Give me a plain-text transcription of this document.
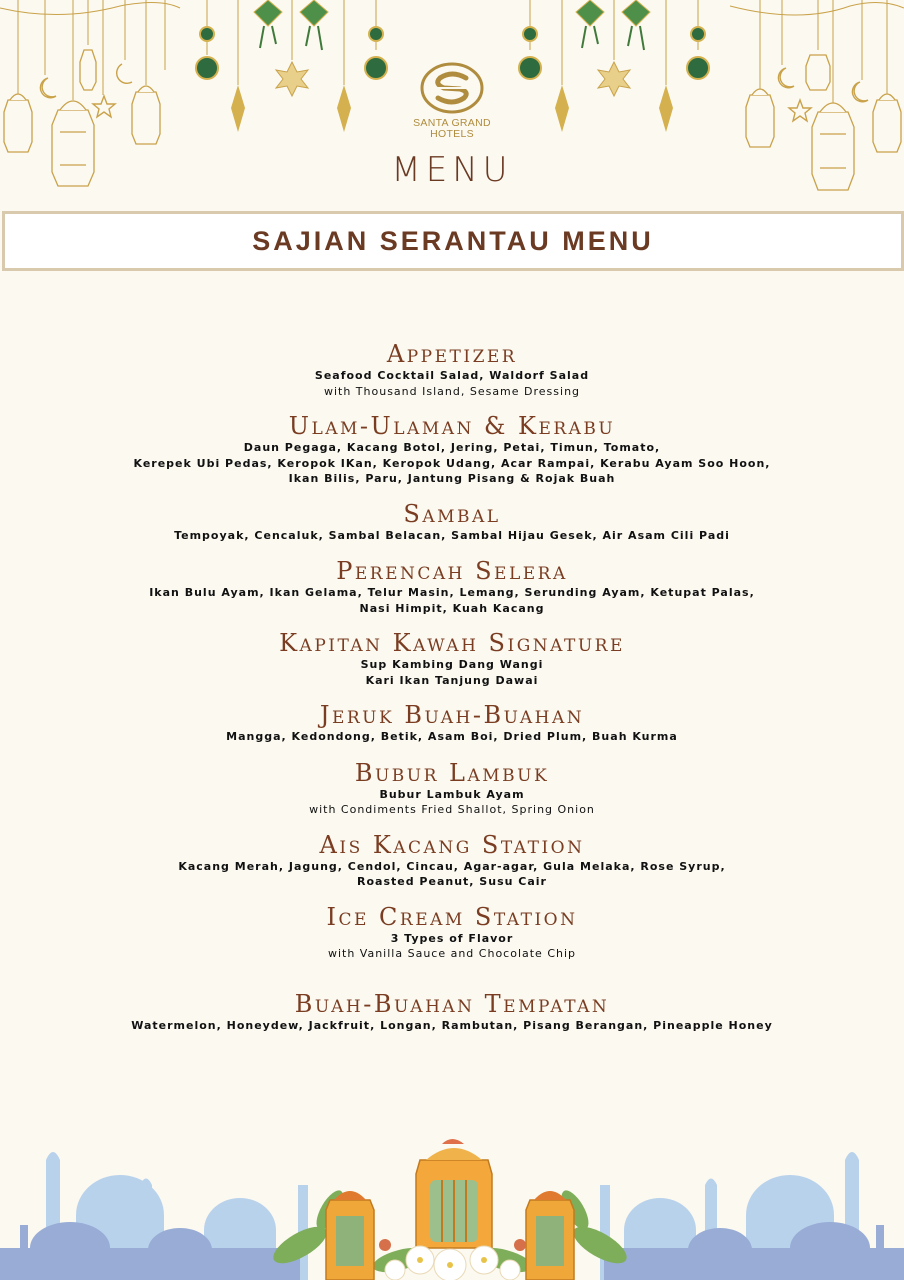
SANTA GRAND
HOTELS
MENU
SAJIAN SERANTAU MENU
Appetizer

Seafood Cocktail Salad, Waldorf Salad

with Thousand Island, Sesame Dressing

Ulam-Ulaman & Kerabu

Daun Pegaga, Kacang Botol, Jering, Petai, Timun, Tomato,

Kerepek Ubi Pedas, Keropok IKan, Keropok Udang, Acar Rampai, Kerabu Ayam Soo Hoon,

Ikan Bilis, Paru, Jantung Pisang & Rojak Buah

Sambal

Tempoyak, Cencaluk, Sambal Belacan, Sambal Hijau Gesek, Air Asam Cili Padi

Perencah Selera

Ikan Bulu Ayam, Ikan Gelama, Telur Masin, Lemang, Serunding Ayam, Ketupat Palas,

Nasi Himpit, Kuah Kacang

Kapitan Kawah Signature

Sup Kambing Dang Wangi

Kari Ikan Tanjung Dawai

Jeruk Buah-Buahan

Mangga, Kedondong, Betik, Asam Boi, Dried Plum, Buah Kurma

Bubur Lambuk

Bubur Lambuk Ayam

with Condiments Fried Shallot, Spring Onion

Ais Kacang Station

Kacang Merah, Jagung, Cendol, Cincau, Agar-agar, Gula Melaka, Rose Syrup,

Roasted Peanut, Susu Cair

Ice Cream Station

3 Types of Flavor

with Vanilla Sauce and Chocolate Chip

Buah-Buahan Tempatan

Watermelon, Honeydew, Jackfruit, Longan, Rambutan, Pisang Berangan, Pineapple Honey
